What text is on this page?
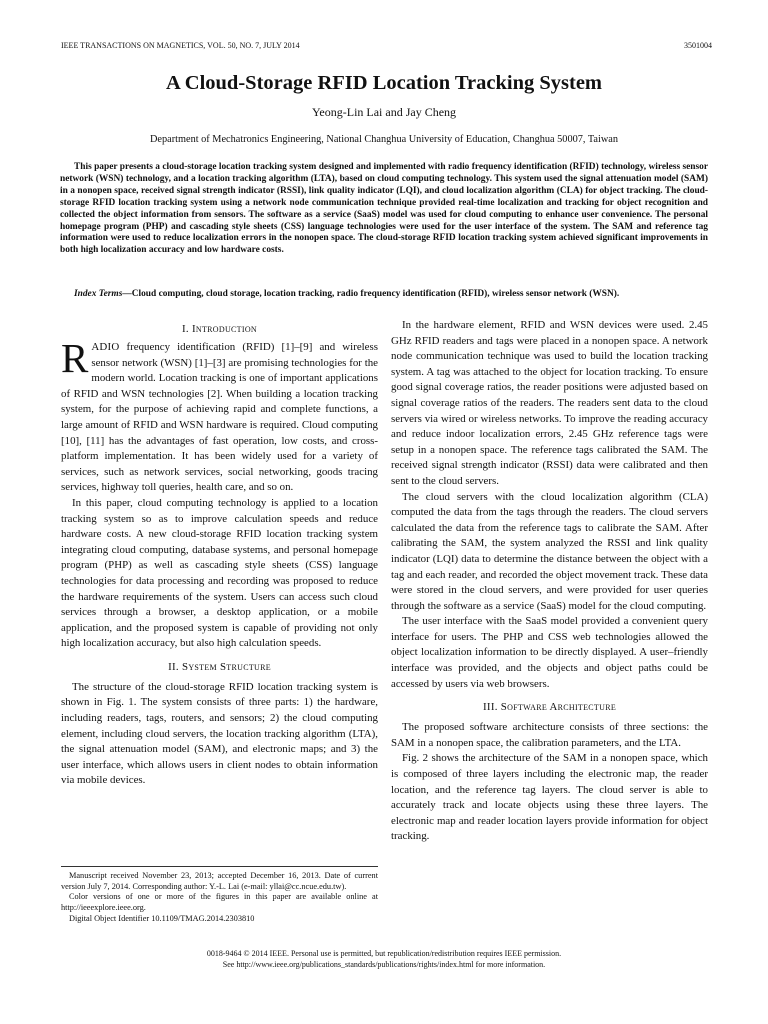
IEEE TRANSACTIONS ON MAGNETICS, VOL. 50, NO. 7, JULY 2014	3501004
A Cloud-Storage RFID Location Tracking System
Yeong-Lin Lai and Jay Cheng
Department of Mechatronics Engineering, National Changhua University of Education, Changhua 50007, Taiwan
This paper presents a cloud-storage location tracking system designed and implemented with radio frequency identification (RFID) technology, wireless sensor network (WSN) technology, and a location tracking algorithm (LTA), based on cloud computing technology. This system used the signal attenuation model (SAM) in a nonopen space, received signal strength indicator (RSSI), link quality indicator (LQI), and cloud localization algorithm (CLA) for object tracking. The cloud-storage RFID location tracking system using a network node communication technique provided real-time localization and tracking for object recognition and collected the object information from sensors. The software as a service (SaaS) model was used for cloud computing to enhance user convenience. The personal homepage program (PHP) and cascading style sheets (CSS) language technologies were used for the user interface of the system. The SAM and reference tag information were used to reduce localization errors in the nonopen space. The cloud-storage RFID location tracking system achieved significant improvements in both high localization accuracy and low hardware costs.
Index Terms—Cloud computing, cloud storage, location tracking, radio frequency identification (RFID), wireless sensor network (WSN).
I. Introduction

RADIO frequency identification (RFID) [1]–[9] and wireless sensor network (WSN) [1]–[3] are promising technologies for the modern world. Location tracking is one of important applications of RFID and WSN technologies [2]. When building a location tracking system, for the purpose of achieving rapid and complete functions, a large amount of RFID and WSN hardware is required. Cloud computing [10], [11] has the advantages of fast operation, low costs, and cross-platform implementation. It has been widely used for a variety of services, such as network services, social networking, goods tracing services, highway toll queries, health care, and so on.

In this paper, cloud computing technology is applied to a location tracking system so as to improve calculation speeds and reduce hardware costs. A new cloud-storage RFID location tracking system integrating cloud computing, database systems, and personal homepage program (PHP) as well as cascading style sheets (CSS) language technologies for data processing and recording was proposed to reduce the hardware requirements of the system. Users can access such cloud services through a browser, a desktop application, or a mobile application, and the proposed system is capable of providing not only high localization accuracy, but also high calculation speeds.

II. System Structure

The structure of the cloud-storage RFID location tracking system is shown in Fig. 1. The system consists of three parts: 1) the hardware, including readers, tags, routers, and sensors; 2) the cloud computing element, including cloud servers, the location tracking algorithm (LTA), the signal attenuation model (SAM), and electronic maps; and 3) the user interface, which allows users in client nodes to obtain information via mobile devices.

In the hardware element, RFID and WSN devices were used. 2.45 GHz RFID readers and tags were placed in a nonopen space. A network node communication technique was used to build the location tracking system. A tag was attached to the object for location tracking. To ensure good signal coverage ratios, the reader positions were adjusted based on signal coverage ratios of the readers. The readers sent data to the cloud servers via wired or wireless networks. To improve the reading accuracy and reduce indoor localization errors, 2.45 GHz reference tags were setup in a nonopen space. The reference tags calibrated the SAM. The received signal strength indicator (RSSI) data were calibrated and then sent to the cloud servers.

The cloud servers with the cloud localization algorithm (CLA) computed the data from the tags through the readers. The cloud servers calculated the data from the reference tags to calibrate the SAM. After calibrating the SAM, the system analyzed the RSSI and link quality indicator (LQI) data to determine the distance between the object with a tag and each reader, and recorded the object movement track. These data were stored in the cloud servers, and were provided for user queries through the software as a service (SaaS) model for the cloud computing.

The user interface with the SaaS model provided a convenient query interface for users. The PHP and CSS web technologies allowed the object localization information to be directly displayed. A user–friendly interface was provided, and the objects and object paths could be accessed by users via web browsers.

III. Software Architecture

The proposed software architecture consists of three sections: the SAM in a nonopen space, the calibration parameters, and the LTA.

Fig. 2 shows the architecture of the SAM in a nonopen space, which is composed of three layers including the electronic map, the reader location, and the reference tag layers. The cloud server is able to accurately track and locate objects using these three layers. The electronic map and reader location layers provide information for object tracking.

Manuscript received November 23, 2013; accepted December 16, 2013. Date of current version July 7, 2014. Corresponding author: Y.-L. Lai (e-mail: yllai@cc.ncue.edu.tw).

Color versions of one or more of the figures in this paper are available online at http://ieeexplore.ieee.org.

Digital Object Identifier 10.1109/TMAG.2014.2303810

0018-9464 © 2014 IEEE. Personal use is permitted, but republication/redistribution requires IEEE permission.
See http://www.ieee.org/publications_standards/publications/rights/index.html for more information.
